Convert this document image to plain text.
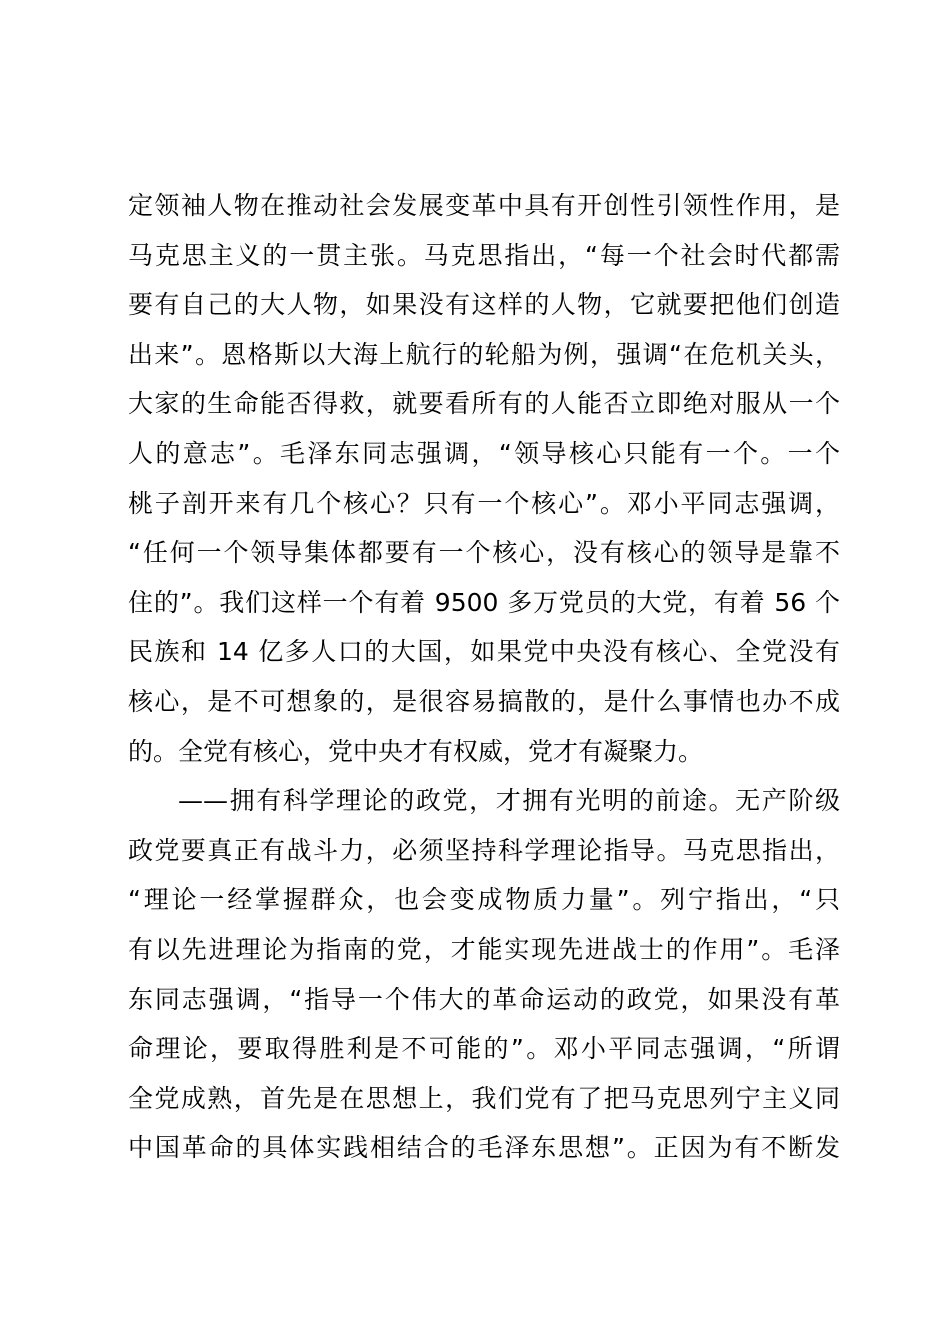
定领袖人物在推动社会发展变革中具有开创性引领性作用，是
马克思主义的一贯主张。马克思指出，“每一个社会时代都需
要有自己的大人物，如果没有这样的人物，它就要把他们创造
出来”。恩格斯以大海上航行的轮船为例，强调“在危机关头，
大家的生命能否得救，就要看所有的人能否立即绝对服从一个
人的意志”。毛泽东同志强调，“领导核心只能有一个。一个
桃子剖开来有几个核心？只有一个核心”。邓小平同志强调，
“任何一个领导集体都要有一个核心，没有核心的领导是靠不
住的”。我们这样一个有着 9500 多万党员的大党，有着 56 个
民族和 14 亿多人口的大国，如果党中央没有核心、全党没有
核心，是不可想象的，是很容易搞散的，是什么事情也办不成
的。全党有核心，党中央才有权威，党才有凝聚力。
——拥有科学理论的政党，才拥有光明的前途。无产阶级
政党要真正有战斗力，必须坚持科学理论指导。马克思指出，
“理论一经掌握群众，也会变成物质力量”。列宁指出，“只
有以先进理论为指南的党，才能实现先进战士的作用”。毛泽
东同志强调，“指导一个伟大的革命运动的政党，如果没有革
命理论，要取得胜利是不可能的”。邓小平同志强调，“所谓
全党成熟，首先是在思想上，我们党有了把马克思列宁主义同
中国革命的具体实践相结合的毛泽东思想”。正因为有不断发
